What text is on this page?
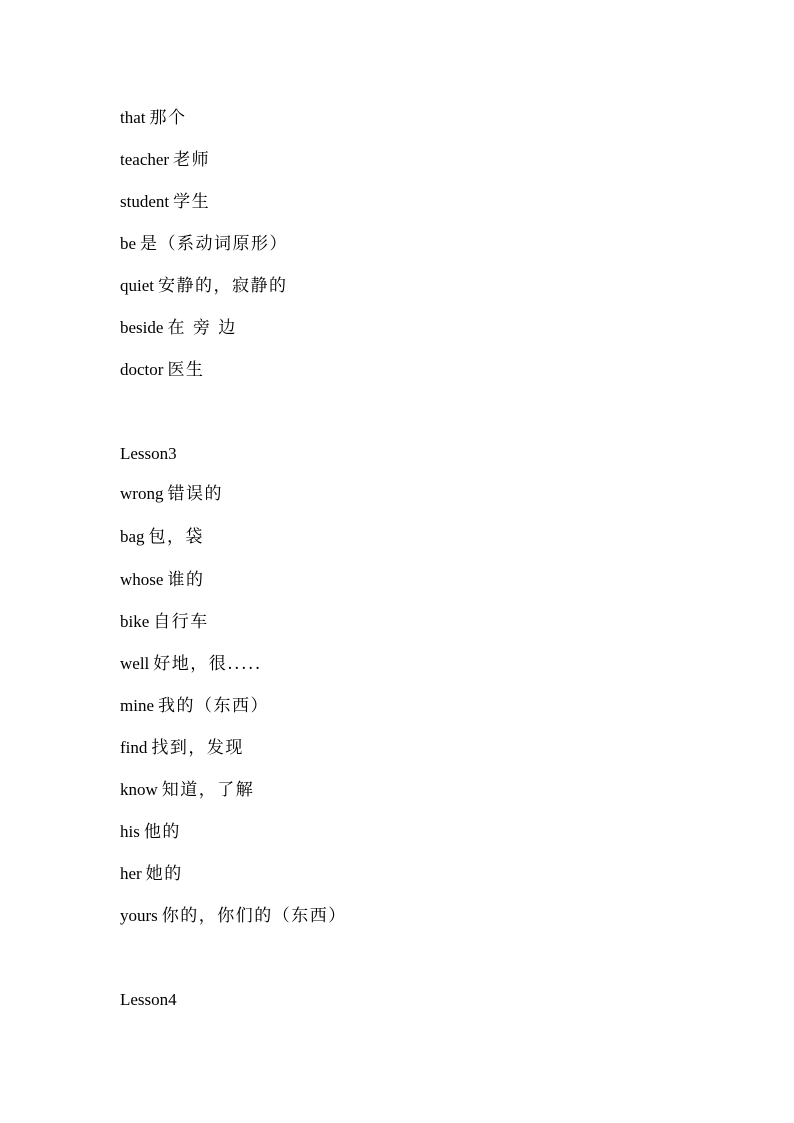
that 那个
teacher 老师
student 学生
be 是（系动词原形）
quiet 安静的，寂静的
beside 在 旁 边
doctor 医生
Lesson3
wrong 错误的
bag 包，袋
whose 谁的
bike 自行车
well 好地，很.....
mine 我的（东西）
find 找到，发现
know 知道，了解
his 他的
her 她的
yours 你的，你们的（东西）
Lesson4
